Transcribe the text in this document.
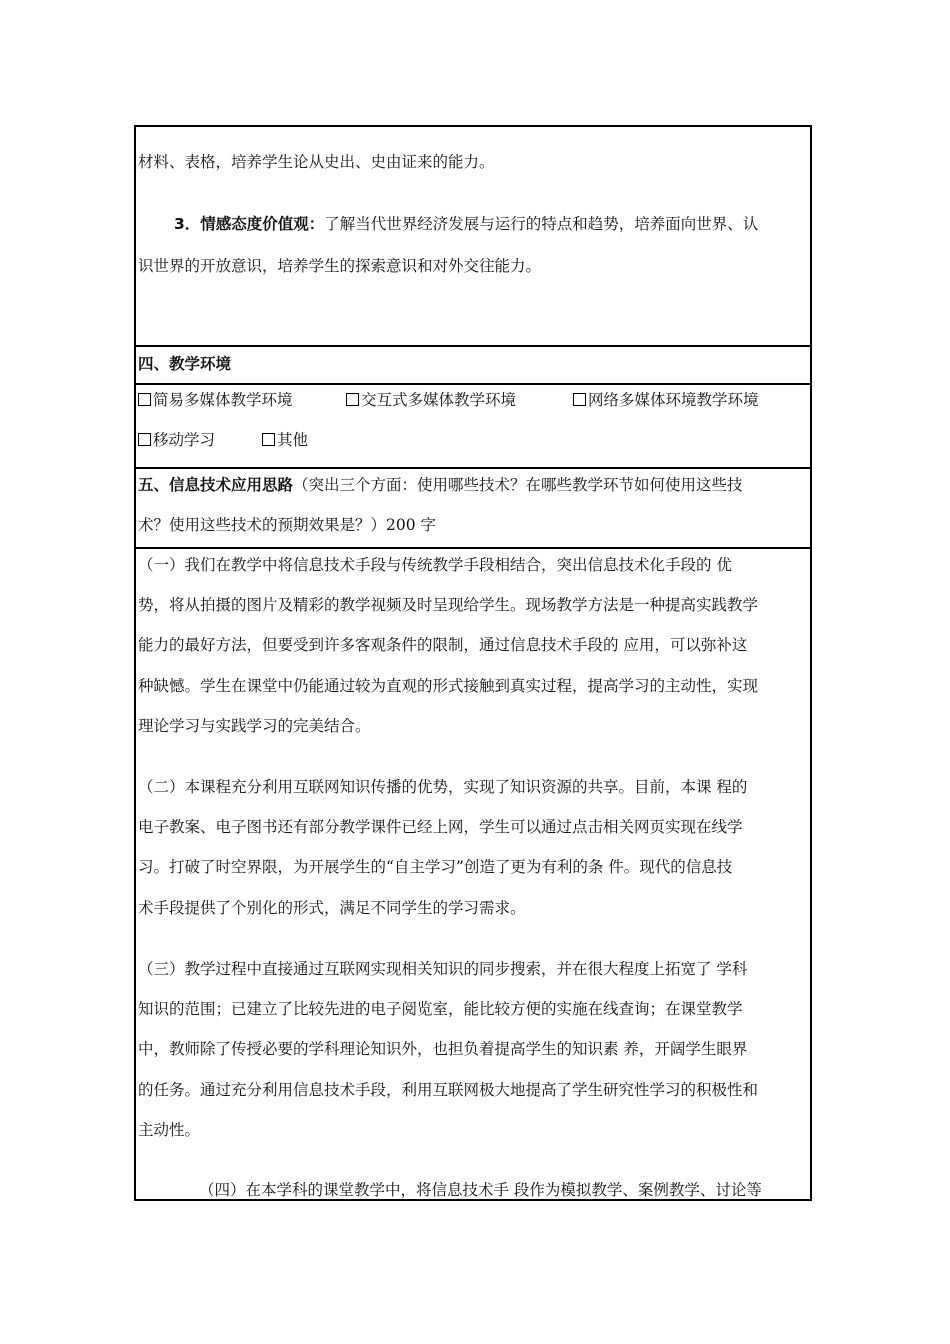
材料、表格，培养学生论从史出、史由证来的能力。
3．情感态度价值观：了解当代世界经济发展与运行的特点和趋势，培养面向世界、认
识世界的开放意识，培养学生的探索意识和对外交往能力。
四、教学环境
简易多媒体教学环境	交互式多媒体教学环境	网络多媒体环境教学环境
移动学习	其他
五、信息技术应用思路（突出三个方面：使用哪些技术？在哪些教学环节如何使用这些技
术？使用这些技术的预期效果是？）200 字
（一）我们在教学中将信息技术手段与传统教学手段相结合，突出信息技术化手段的 优
势，将从拍摄的图片及精彩的教学视频及时呈现给学生。现场教学方法是一种提高实践教学
能力的最好方法，但要受到许多客观条件的限制，通过信息技术手段的 应用，可以弥补这
种缺憾。学生在课堂中仍能通过较为直观的形式接触到真实过程，提高学习的主动性，实现
理论学习与实践学习的完美结合。
（二）本课程充分利用互联网知识传播的优势，实现了知识资源的共享。目前，本课 程的
电子教案、电子图书还有部分教学课件已经上网，学生可以通过点击相关网页实现在线学
习。打破了时空界限，为开展学生的“自主学习”创造了更为有利的条 件。现代的信息技
术手段提供了个别化的形式，满足不同学生的学习需求。
（三）教学过程中直接通过互联网实现相关知识的同步搜索，并在很大程度上拓宽了 学科
知识的范围；已建立了比较先进的电子阅览室，能比较方便的实施在线查询；在课堂教学
中，教师除了传授必要的学科理论知识外，也担负着提高学生的知识素 养，开阔学生眼界
的任务。通过充分利用信息技术手段，利用互联网极大地提高了学生研究性学习的积极性和
主动性。
（四）在本学科的课堂教学中，将信息技术手 段作为模拟教学、案例教学、讨论等
